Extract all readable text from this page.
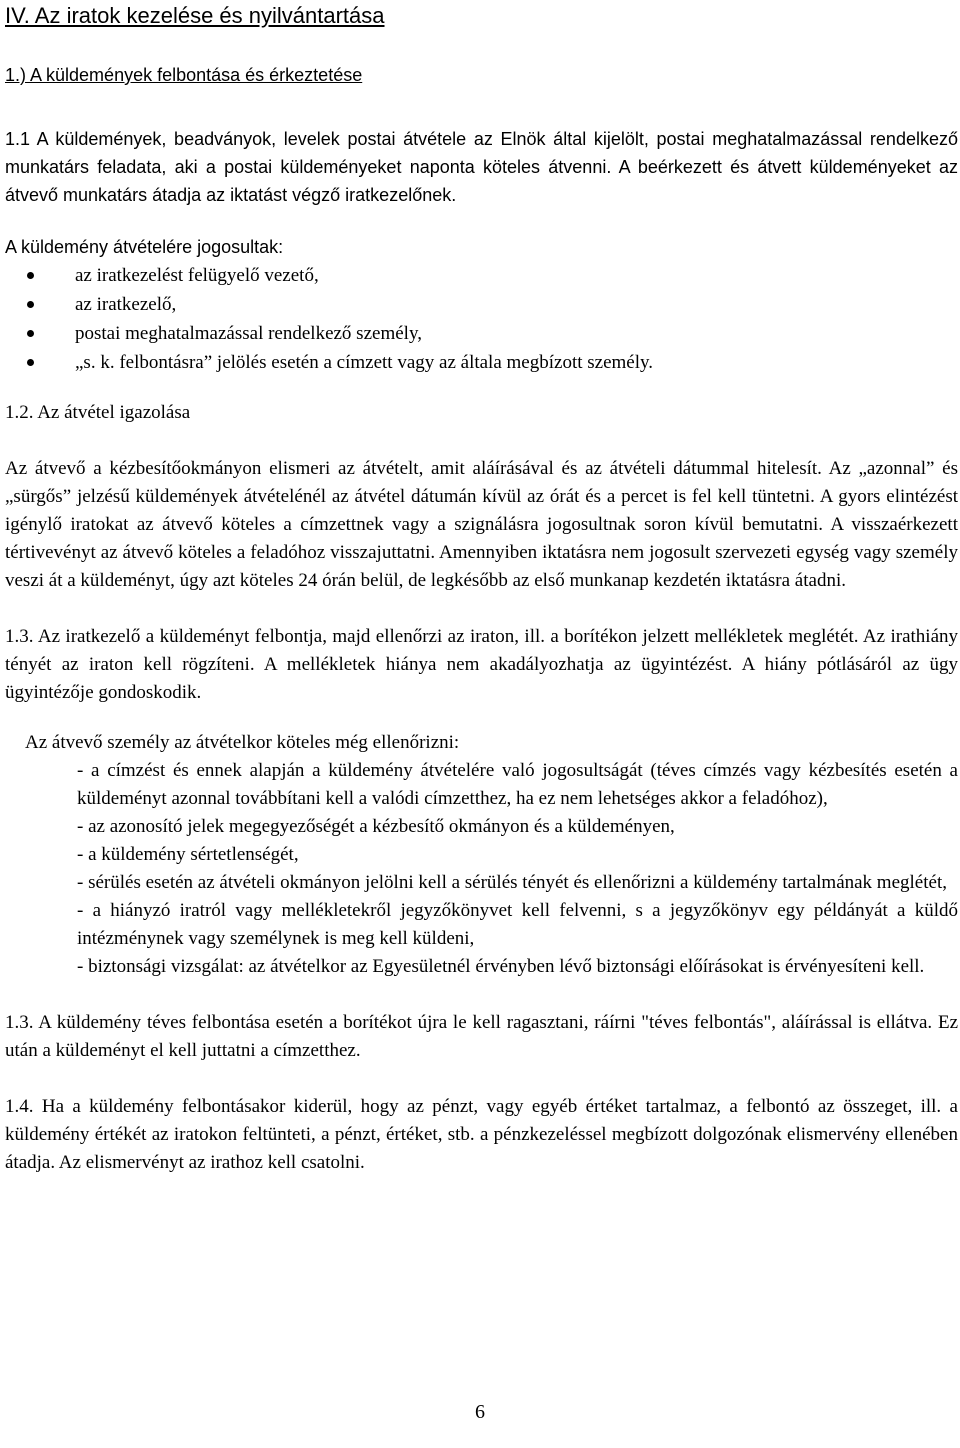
IV. Az iratok kezelése és nyilvántartása
1.) A küldemények felbontása és érkeztetése

1.1 A küldemények, beadványok, levelek postai átvétele az Elnök által kijelölt, postai meghatalmazással rendelkező munkatárs feladata, aki a postai küldeményeket naponta köteles átvenni. A beérkezett és átvett küldeményeket az átvevő munkatárs átadja az iktatást végző iratkezelőnek.

A küldemény átvételére jogosultak:

az iratkezelést felügyelő vezető,
az iratkezelő,
postai meghatalmazással rendelkező személy,
„s. k. felbontásra” jelölés esetén a címzett vagy az általa megbízott személy.

1.2. Az átvétel igazolása

Az átvevő a kézbesítőokmányon elismeri az átvételt, amit aláírásával és az átvételi dátummal hitelesít. Az „azonnal” és „sürgős” jelzésű küldemények átvételénél az átvétel dátumán kívül az órát és a percet is fel kell tüntetni. A gyors elintézést igénylő iratokat az átvevő köteles a címzettnek vagy a szignálásra jogosultnak soron kívül bemutatni. A visszaérkezett tértivevényt az átvevő köteles a feladóhoz visszajuttatni. Amennyiben iktatásra nem jogosult szervezeti egység vagy személy veszi át a küldeményt, úgy azt köteles 24 órán belül, de legkésőbb az első munkanap kezdetén iktatásra átadni.

1.3. Az iratkezelő a küldeményt felbontja, majd ellenőrzi az iraton, ill. a borítékon jelzett mellékletek meglétét. Az irathiány tényét az iraton kell rögzíteni. A mellékletek hiánya nem akadályozhatja az ügyintézést. A hiány pótlásáról az ügy ügyintézője gondoskodik.

Az átvevő személy az átvételkor köteles még ellenőrizni:

- a címzést és ennek alapján a küldemény átvételére való jogosultságát (téves címzés vagy kézbesítés esetén a küldeményt azonnal továbbítani kell a valódi címzetthez, ha ez nem lehetséges akkor a feladóhoz),

- az azonosító jelek megegyezőségét a kézbesítő okmányon és a küldeményen,

- a küldemény sértetlenségét,

- sérülés esetén az átvételi okmányon jelölni kell a sérülés tényét és ellenőrizni a küldemény tartalmának meglétét,

- a hiányzó iratról vagy mellékletekről jegyzőkönyvet kell felvenni, s a jegyzőkönyv egy példányát a küldő intézménynek vagy személynek is meg kell küldeni,

- biztonsági vizsgálat: az átvételkor az Egyesületnél érvényben lévő biztonsági előírásokat is érvényesíteni kell.

1.3. A küldemény téves felbontása esetén a borítékot újra le kell ragasztani, ráírni "téves felbontás", aláírással is ellátva. Ez után a küldeményt el kell juttatni a címzetthez.

1.4. Ha a küldemény felbontásakor kiderül, hogy az pénzt, vagy egyéb értéket tartalmaz, a felbontó az összeget, ill. a küldemény értékét az iratokon feltünteti, a pénzt, értéket, stb. a pénzkezeléssel megbízott dolgozónak elismervény ellenében átadja. Az elismervényt az irathoz kell csatolni.

6
